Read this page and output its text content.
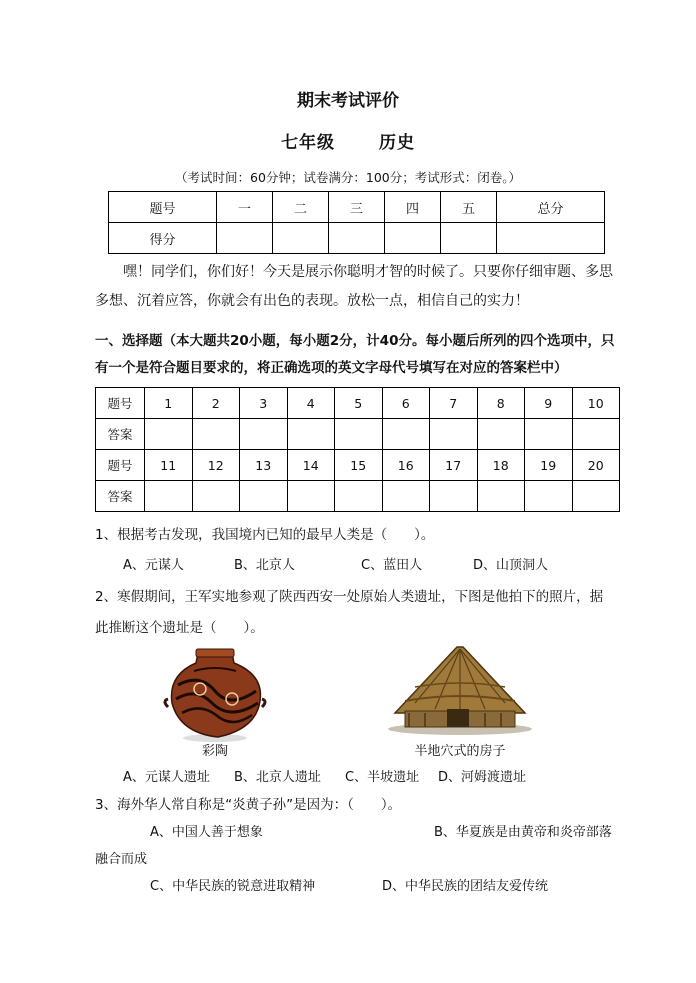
期末考试评价
七年级	历史
（考试时间：60分钟；试卷满分：100分；考试形式：闭卷。）
题号	一	二	三	四	五	总分
得分						
嘿！同学们，你们好！今天是展示你聪明才智的时候了。只要你仔细审题、多思多想、沉着应答，你就会有出色的表现。放松一点，相信自己的实力！
一、选择题（本大题共20小题，每小题2分，计40分。每小题后所列的四个选项中，只有一个是符合题目要求的，将正确选项的英文字母代号填写在对应的答案栏中）
题号	1	2	3	4	5	6	7	8	9	10
答案										
题号	11	12	13	14	15	16	17	18	19	20
答案										
1、根据考古发现，我国境内已知的最早人类是（　　）。
A、元谋人	B、北京人	C、蓝田人	D、山顶洞人
2、寒假期间，王军实地参观了陕西西安一处原始人类遗址，下图是他拍下的照片，据
此推断这个遗址是（　　）。
彩陶	半地穴式的房子
A、元谋人遗址 B、北京人遗址 C、半坡遗址 D、河姆渡遗址
3、海外华人常自称是“炎黄子孙”是因为：（　　）。
A、中国人善于想象	B、华夏族是由黄帝和炎帝部落
融合而成
C、中华民族的锐意进取精神	D、中华民族的团结友爱传统
